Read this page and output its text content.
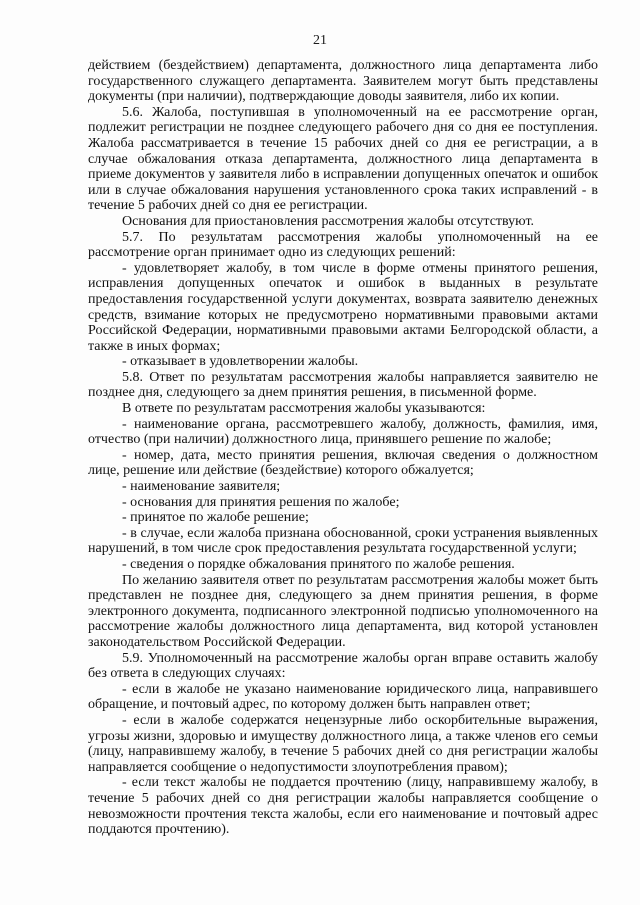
21

действием (бездействием) департамента, должностного лица департамента либо государственного служащего департамента. Заявителем могут быть представлены документы (при наличии), подтверждающие доводы заявителя, либо их копии.

5.6. Жалоба, поступившая в уполномоченный на ее рассмотрение орган, подлежит регистрации не позднее следующего рабочего дня со дня ее поступления. Жалоба рассматривается в течение 15 рабочих дней со дня ее регистрации, а в случае обжалования отказа департамента, должностного лица департамента в приеме документов у заявителя либо в исправлении допущенных опечаток и ошибок или в случае обжалования нарушения установленного срока таких исправлений - в течение 5 рабочих дней со дня ее регистрации.

Основания для приостановления рассмотрения жалобы отсутствуют.

5.7. По результатам рассмотрения жалобы уполномоченный на ее рассмотрение орган принимает одно из следующих решений:

- удовлетворяет жалобу, в том числе в форме отмены принятого решения, исправления допущенных опечаток и ошибок в выданных в результате предоставления государственной услуги документах, возврата заявителю денежных средств, взимание которых не предусмотрено нормативными правовыми актами Российской Федерации, нормативными правовыми актами Белгородской области, а также в иных формах;

- отказывает в удовлетворении жалобы.

5.8. Ответ по результатам рассмотрения жалобы направляется заявителю не позднее дня, следующего за днем принятия решения, в письменной форме.

В ответе по результатам рассмотрения жалобы указываются:

- наименование органа, рассмотревшего жалобу, должность, фамилия, имя, отчество (при наличии) должностного лица, принявшего решение по жалобе;

- номер, дата, место принятия решения, включая сведения о должностном лице, решение или действие (бездействие) которого обжалуется;

- наименование заявителя;

- основания для принятия решения по жалобе;

- принятое по жалобе решение;

- в случае, если жалоба признана обоснованной, сроки устранения выявленных нарушений, в том числе срок предоставления результата государственной услуги;

- сведения о порядке обжалования принятого по жалобе решения.

По желанию заявителя ответ по результатам рассмотрения жалобы может быть представлен не позднее дня, следующего за днем принятия решения, в форме электронного документа, подписанного электронной подписью уполномоченного на рассмотрение жалобы должностного лица департамента, вид которой установлен законодательством Российской Федерации.

5.9. Уполномоченный на рассмотрение жалобы орган вправе оставить жалобу без ответа в следующих случаях:

- если в жалобе не указано наименование юридического лица, направившего обращение, и почтовый адрес, по которому должен быть направлен ответ;

- если в жалобе содержатся нецензурные либо оскорбительные выражения, угрозы жизни, здоровью и имуществу должностного лица, а также членов его семьи (лицу, направившему жалобу, в течение 5 рабочих дней со дня регистрации жалобы направляется сообщение о недопустимости злоупотребления правом);

- если текст жалобы не поддается прочтению (лицу, направившему жалобу, в течение 5 рабочих дней со дня регистрации жалобы направляется сообщение о невозможности прочтения текста жалобы, если его наименование и почтовый адрес поддаются прочтению).
